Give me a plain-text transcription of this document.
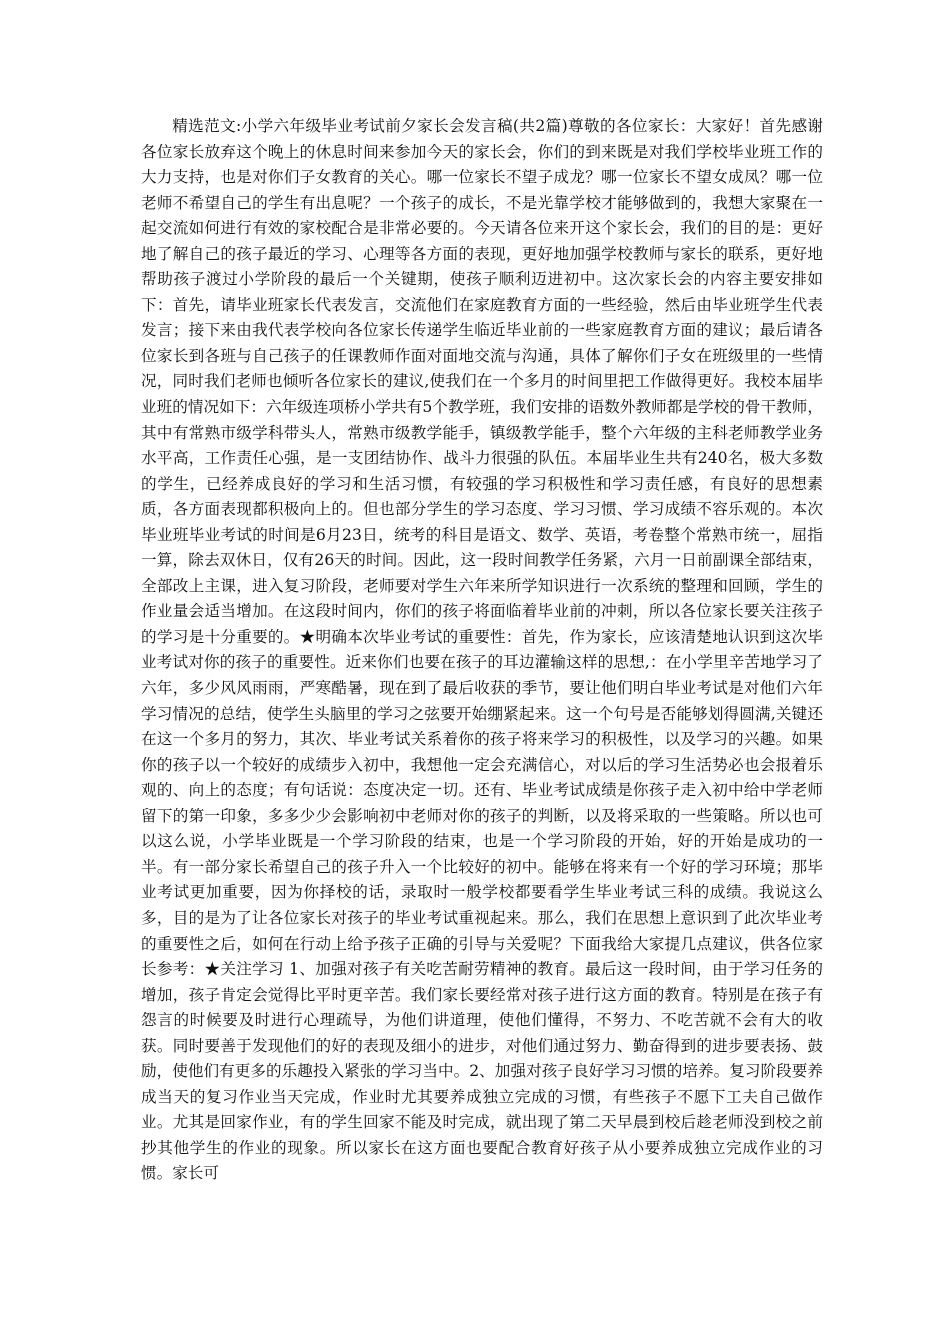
精选范文:小学六年级毕业考试前夕家长会发言稿(共2篇)尊敬的各位家长：大家好！首先感谢各位家长放弃这个晚上的休息时间来参加今天的家长会，你们的到来既是对我们学校毕业班工作的大力支持，也是对你们子女教育的关心。哪一位家长不望子成龙？哪一位家长不望女成凤？哪一位老师不希望自己的学生有出息呢？一个孩子的成长，不是光靠学校才能够做到的，我想大家聚在一起交流如何进行有效的家校配合是非常必要的。今天请各位来开这个家长会，我们的目的是：更好地了解自己的孩子最近的学习、心理等各方面的表现，更好地加强学校教师与家长的联系，更好地帮助孩子渡过小学阶段的最后一个关键期，使孩子顺利迈进初中。这次家长会的内容主要安排如下：首先，请毕业班家长代表发言，交流他们在家庭教育方面的一些经验，然后由毕业班学生代表发言；接下来由我代表学校向各位家长传递学生临近毕业前的一些家庭教育方面的建议；最后请各位家长到各班与自己孩子的任课教师作面对面地交流与沟通，具体了解你们子女在班级里的一些情况，同时我们老师也倾听各位家长的建议,使我们在一个多月的时间里把工作做得更好。我校本届毕业班的情况如下：六年级连项桥小学共有5个教学班，我们安排的语数外教师都是学校的骨干教师，其中有常熟市级学科带头人，常熟市级教学能手，镇级教学能手，整个六年级的主科老师教学业务水平高，工作责任心强，是一支团结协作、战斗力很强的队伍。本届毕业生共有240名，极大多数的学生，已经养成良好的学习和生活习惯，有较强的学习积极性和学习责任感，有良好的思想素质，各方面表现都积极向上的。但也部分学生的学习态度、学习习惯、学习成绩不容乐观的。本次毕业班毕业考试的时间是6月23日，统考的科目是语文、数学、英语，考卷整个常熟市统一，屈指一算，除去双休日，仅有26天的时间。因此，这一段时间教学任务紧，六月一日前副课全部结束，全部改上主课，进入复习阶段，老师要对学生六年来所学知识进行一次系统的整理和回顾，学生的作业量会适当增加。在这段时间内，你们的孩子将面临着毕业前的冲刺，所以各位家长要关注孩子的学习是十分重要的。★明确本次毕业考试的重要性：首先，作为家长，应该清楚地认识到这次毕业考试对你的孩子的重要性。近来你们也要在孩子的耳边灌输这样的思想,：在小学里辛苦地学习了六年，多少风风雨雨，严寒酷暑，现在到了最后收获的季节，要让他们明白毕业考试是对他们六年学习情况的总结，使学生头脑里的学习之弦要开始绷紧起来。这一个句号是否能够划得圆满,关键还在这一个多月的努力，其次、毕业考试关系着你的孩子将来学习的积极性，以及学习的兴趣。如果你的孩子以一个较好的成绩步入初中，我想他一定会充满信心，对以后的学习生活势必也会报着乐观的、向上的态度；有句话说：态度决定一切。还有、毕业考试成绩是你孩子走入初中给中学老师留下的第一印象，多多少少会影响初中老师对你的孩子的判断，以及将采取的一些策略。所以也可以这么说，小学毕业既是一个学习阶段的结束，也是一个学习阶段的开始，好的开始是成功的一半。有一部分家长希望自己的孩子升入一个比较好的初中。能够在将来有一个好的学习环境；那毕业考试更加重要，因为你择校的话，录取时一般学校都要看学生毕业考试三科的成绩。我说这么多，目的是为了让各位家长对孩子的毕业考试重视起来。那么，我们在思想上意识到了此次毕业考的重要性之后，如何在行动上给予孩子正确的引导与关爱呢？下面我给大家提几点建议，供各位家长参考：★关注学习 1、加强对孩子有关吃苦耐劳精神的教育。最后这一段时间，由于学习任务的增加，孩子肯定会觉得比平时更辛苦。我们家长要经常对孩子进行这方面的教育。特别是在孩子有怨言的时候要及时进行心理疏导，为他们讲道理，使他们懂得，不努力、不吃苦就不会有大的收获。同时要善于发现他们的好的表现及细小的进步，对他们通过努力、勤奋得到的进步要表扬、鼓励，使他们有更多的乐趣投入紧张的学习当中。2、加强对孩子良好学习习惯的培养。复习阶段要养成当天的复习作业当天完成，作业时尤其要养成独立完成的习惯，有些孩子不愿下工夫自己做作业。尤其是回家作业，有的学生回家不能及时完成，就出现了第二天早晨到校后趁老师没到校之前抄其他学生的作业的现象。所以家长在这方面也要配合教育好孩子从小要养成独立完成作业的习惯。家长可
